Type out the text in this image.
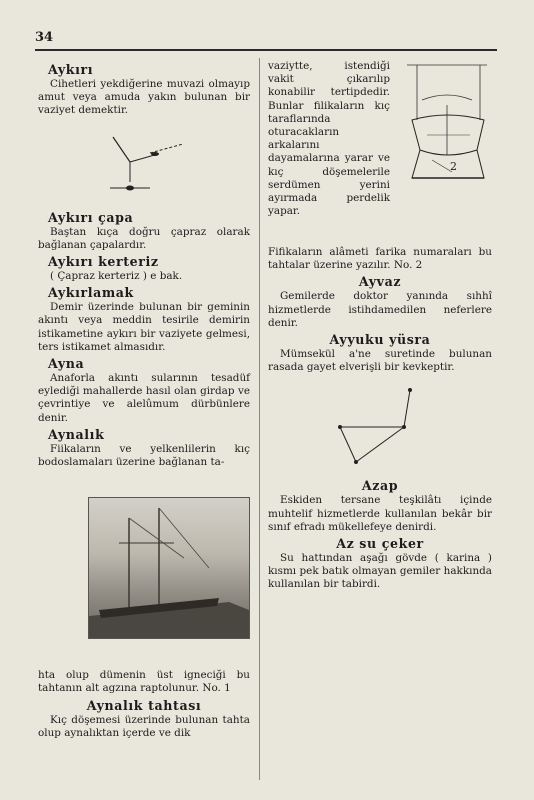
34
Aykırı

Cihetleri yekdiğerine muvazi olmayıp amut veya amuda yakın bulunan bir vaziyet demektir.

Aykırı çapa

Baştan kıça doğru çapraz olarak bağlanan çapalardır.

Aykırı kerteriz

( Çapraz kerteriz ) e bak.

Aykırlamak

Demir üzerinde bulunan bir geminin akıntı veya meddin tesirile demirin istikametine aykırı bir vaziyete gelmesi, ters istikamet almasıdır.

Ayna

Anaforla akıntı sularının tesadüf eylediği mahallerde hasıl olan girdap ve çevrintiye ve alelûmum dürbünlere denir.

Aynalık

Fiikaların ve yelkenlilerin kıç bodoslamaları üzerine bağlanan ta-

hta olup dümenin üst igneciği bu tahtanın alt agzına raptolunur. No. 1

Aynalık tahtası

Kıç döşemesi üzerinde bulunan tahta olup aynalıktan içerde ve dik

vaziytte, istendiği vakit çıkarılıp konabilir tertipdedir. Bunlar filikaların kıç taraflarında oturacakların arkalarını dayamalarına yarar ve kıç döşemelerile serdümen yerini ayırmada perdelik yapar.

2

Fifikaların alâmeti farika numaraları bu tahtalar üzerine yazılır. No. 2

Ayvaz

Gemilerde doktor yanında sıhhî hizmetlerde istihdamedilen neferlere denir.

Ayyuku yüsra

Mümsekül a'ne suretinde bulunan rasada gayet elverişli bir kevkeptir.

Azap

Eskiden tersane teşkilâtı içinde muhtelif hizmetlerde kullanılan bekâr bir sınıf efradı mükellefeye denirdi.

Az su çeker

Su hattından aşağı gövde ( karina ) kısmı pek batık olmayan gemiler hakkında kullanılan bir tabirdi.
